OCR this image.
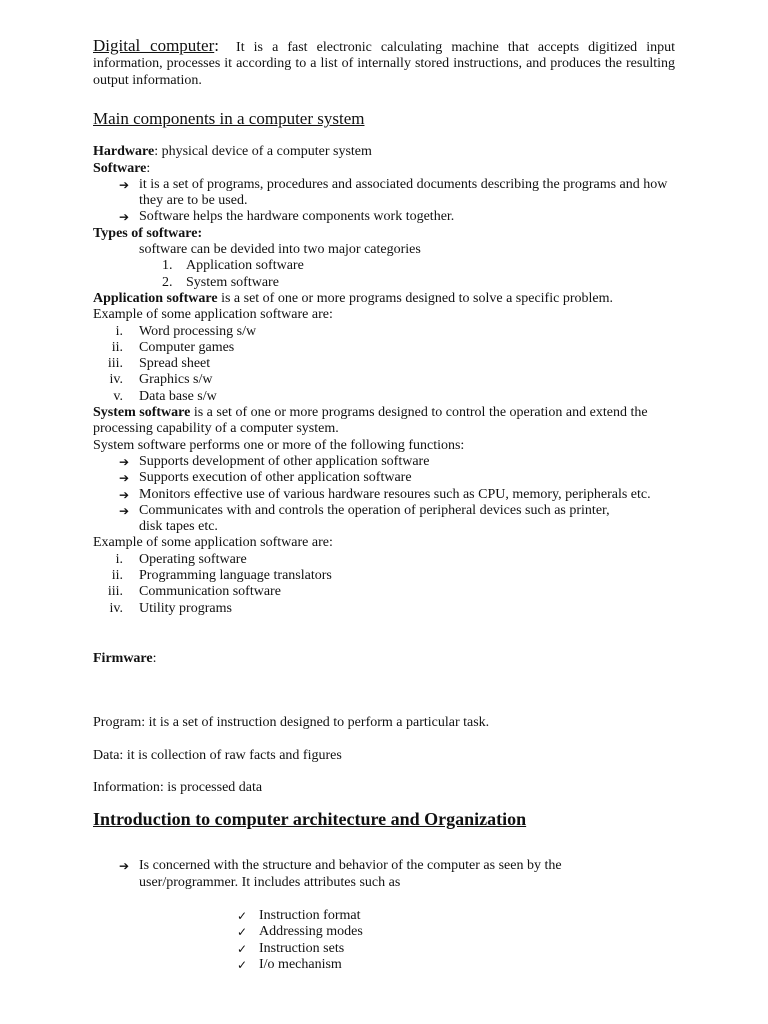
Digital computer: It is a fast electronic calculating machine that accepts digitized input information, processes it according to a list of internally stored instructions, and produces the resulting output information.

Main components in a computer system

Hardware: physical device of a computer system

Software:

➔ it is a set of programs, procedures and associated documents describing the programs and how they are to be used.
➔ Software helps the hardware components work together.

Types of software:

software can be devided into two major categories

1. Application software
2. System software

Application software is a set of one or more programs designed to solve a specific problem.

Example of some application software are:

i. Word processing s/w
ii. Computer games
iii. Spread sheet
iv. Graphics s/w
v. Data base s/w

System software is a set of one or more programs designed to control the operation and extend the processing capability of a computer system.

System software performs one or more of the following functions:

➔ Supports development of other application software
➔ Supports execution of other application software
➔ Monitors effective use of various hardware resoures such as CPU, memory, peripherals etc.
➔ Communicates with and controls the operation of peripheral devices such as printer, disk tapes etc.

Example of some application software are:

i. Operating software
ii. Programming language translators
iii. Communication software
iv. Utility programs

Firmware:

Program: it is a set of instruction designed to perform a particular task.

Data: it is collection of raw facts and figures

Information: is processed data

Introduction to computer architecture and Organization

➔ Is concerned with the structure and behavior of the computer as seen by the user/programmer. It includes attributes such as
✓ Instruction format
✓ Addressing modes
✓ Instruction sets
✓ I/o mechanism
